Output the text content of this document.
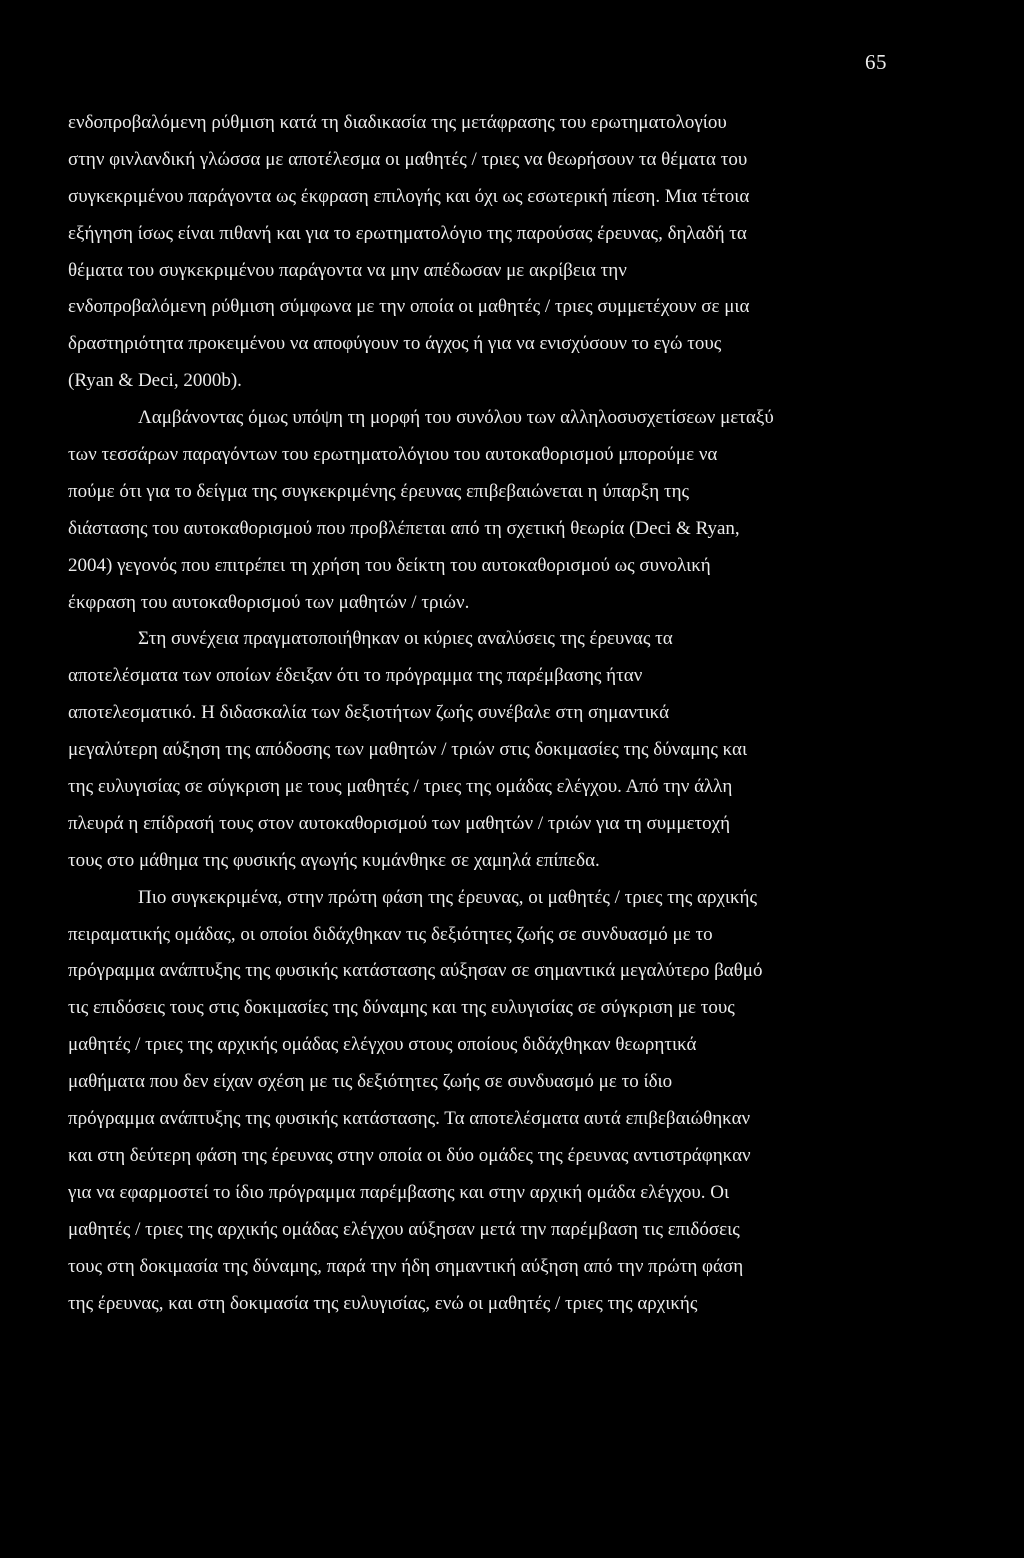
65
ενδοπροβαλόμενη ρύθμιση κατά τη διαδικασία της μετάφρασης του ερωτηματολογίου
στην φινλανδική γλώσσα με αποτέλεσμα οι μαθητές / τριες να θεωρήσουν τα θέματα του
συγκεκριμένου παράγοντα ως έκφραση επιλογής και όχι ως εσωτερική πίεση. Μια τέτοια
εξήγηση ίσως είναι πιθανή και για το ερωτηματολόγιο της παρούσας έρευνας, δηλαδή τα
θέματα του συγκεκριμένου παράγοντα να μην απέδωσαν με ακρίβεια την
ενδοπροβαλόμενη ρύθμιση σύμφωνα με την οποία οι μαθητές / τριες συμμετέχουν σε μια
δραστηριότητα προκειμένου να αποφύγουν το άγχος ή για να ενισχύσουν το εγώ τους
(Ryan & Deci, 2000b).
Λαμβάνοντας όμως υπόψη τη μορφή του συνόλου των αλληλοσυσχετίσεων μεταξύ
των τεσσάρων παραγόντων του ερωτηματολόγιου του αυτοκαθορισμού μπορούμε να
πούμε ότι για το δείγμα της συγκεκριμένης έρευνας επιβεβαιώνεται η ύπαρξη της
διάστασης του αυτοκαθορισμού που προβλέπεται από τη σχετική θεωρία (Deci & Ryan,
2004) γεγονός που επιτρέπει τη χρήση του δείκτη του αυτοκαθορισμού ως συνολική
έκφραση του αυτοκαθορισμού των μαθητών / τριών.
Στη συνέχεια πραγματοποιήθηκαν οι κύριες αναλύσεις της έρευνας τα
αποτελέσματα των οποίων έδειξαν ότι το πρόγραμμα της παρέμβασης ήταν
αποτελεσματικό. Η διδασκαλία των δεξιοτήτων ζωής συνέβαλε στη σημαντικά
μεγαλύτερη αύξηση της απόδοσης των μαθητών / τριών στις δοκιμασίες της δύναμης και
της ευλυγισίας σε σύγκριση με τους μαθητές / τριες της ομάδας ελέγχου. Από την άλλη
πλευρά η επίδρασή τους στον αυτοκαθορισμού των μαθητών / τριών για τη συμμετοχή
τους στο μάθημα της φυσικής αγωγής κυμάνθηκε σε χαμηλά επίπεδα.
Πιο συγκεκριμένα, στην πρώτη φάση της έρευνας, οι μαθητές / τριες της αρχικής
πειραματικής ομάδας, οι οποίοι διδάχθηκαν τις δεξιότητες ζωής σε συνδυασμό με το
πρόγραμμα ανάπτυξης της φυσικής κατάστασης αύξησαν σε σημαντικά μεγαλύτερο βαθμό
τις επιδόσεις τους στις δοκιμασίες της δύναμης και της ευλυγισίας σε σύγκριση με τους
μαθητές / τριες της αρχικής ομάδας ελέγχου στους οποίους διδάχθηκαν θεωρητικά
μαθήματα που δεν είχαν σχέση με τις δεξιότητες ζωής σε συνδυασμό με το ίδιο
πρόγραμμα ανάπτυξης της φυσικής κατάστασης. Τα αποτελέσματα αυτά επιβεβαιώθηκαν
και στη δεύτερη φάση της έρευνας στην οποία οι δύο ομάδες της έρευνας αντιστράφηκαν
για να εφαρμοστεί το ίδιο πρόγραμμα παρέμβασης και στην αρχική ομάδα ελέγχου. Οι
μαθητές / τριες της αρχικής ομάδας ελέγχου αύξησαν μετά την παρέμβαση τις επιδόσεις
τους στη δοκιμασία της δύναμης, παρά την ήδη σημαντική αύξηση από την πρώτη φάση
της έρευνας, και στη δοκιμασία της ευλυγισίας, ενώ οι μαθητές / τριες της αρχικής
